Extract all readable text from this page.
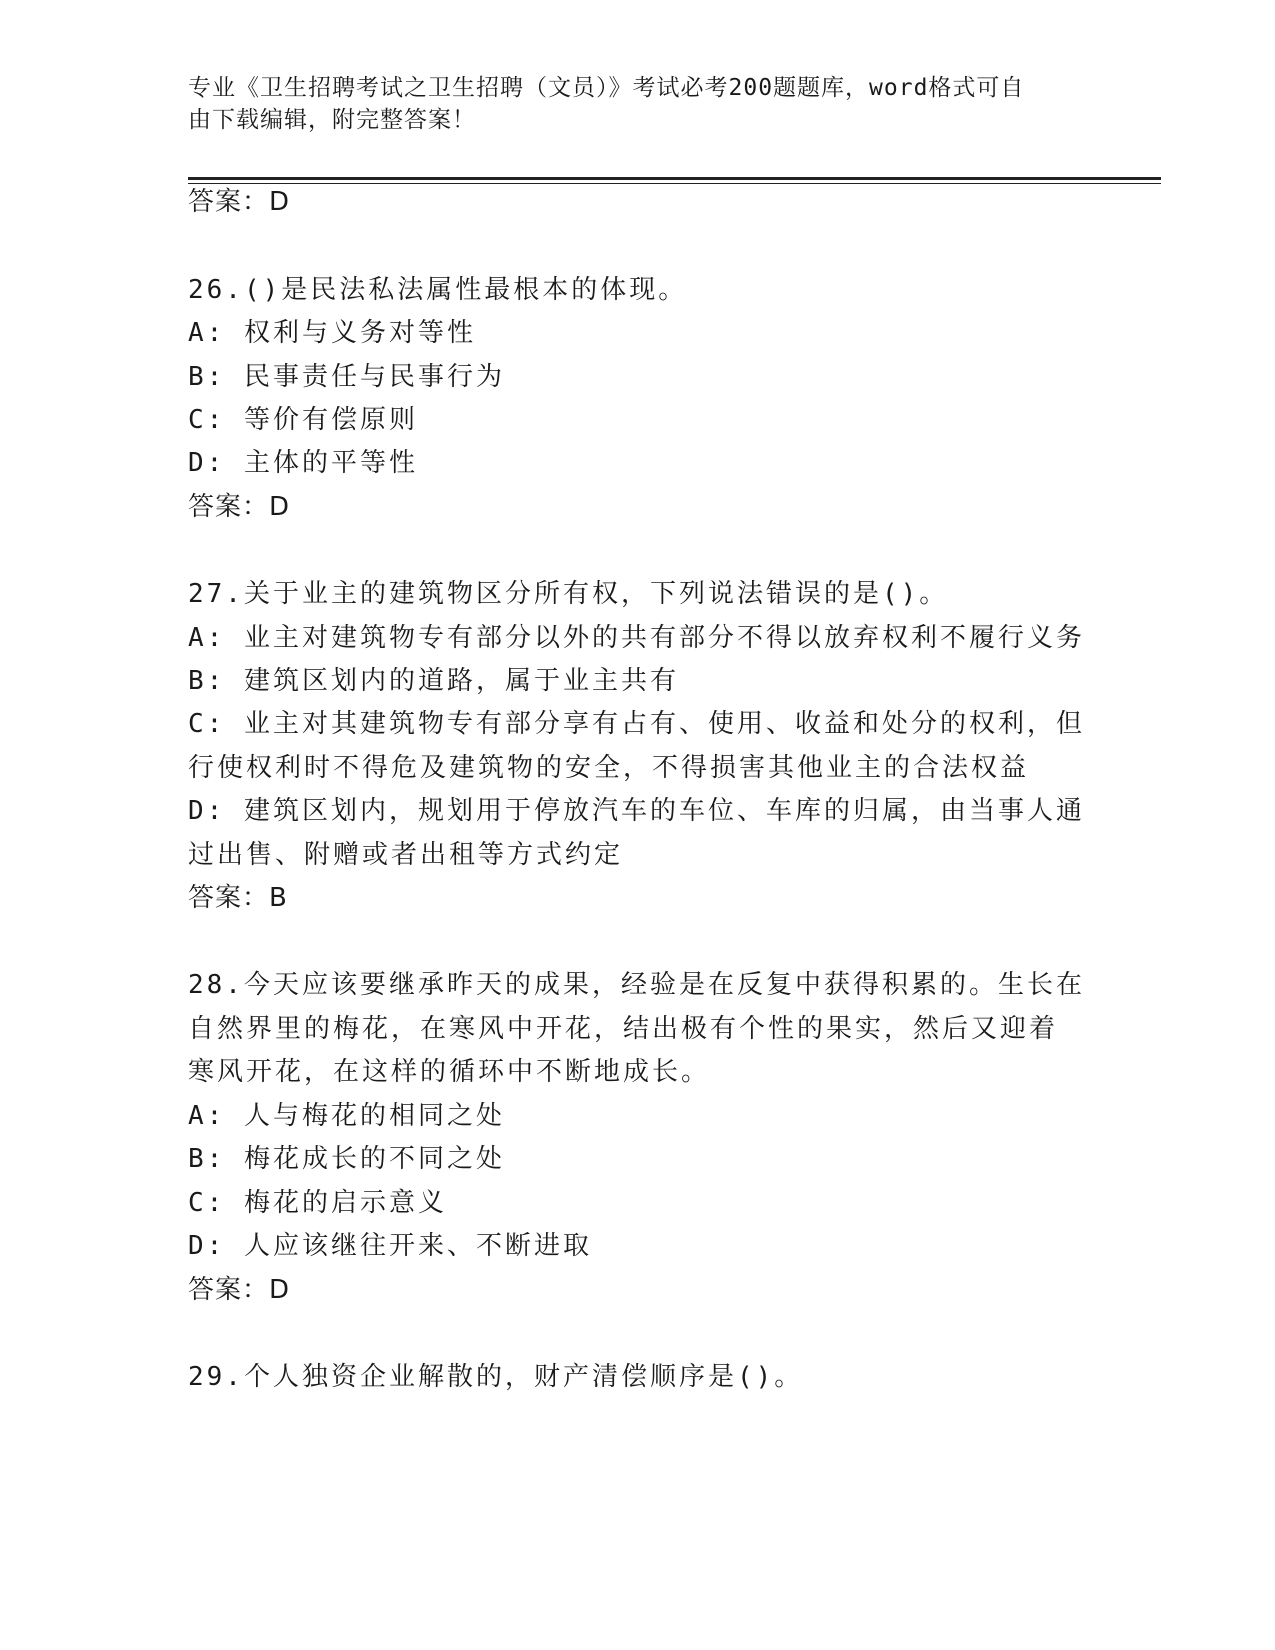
专业《卫生招聘考试之卫生招聘（文员）》考试必考200题题库，word格式可自
由下载编辑，附完整答案！
答案：D
26.()是民法私法属性最根本的体现。
A: 权利与义务对等性
B: 民事责任与民事行为
C: 等价有偿原则
D: 主体的平等性
答案：D
27.关于业主的建筑物区分所有权，下列说法错误的是()。
A: 业主对建筑物专有部分以外的共有部分不得以放弃权利不履行义务
B: 建筑区划内的道路，属于业主共有
C: 业主对其建筑物专有部分享有占有、使用、收益和处分的权利，但
行使权利时不得危及建筑物的安全，不得损害其他业主的合法权益
D: 建筑区划内，规划用于停放汽车的车位、车库的归属，由当事人通
过出售、附赠或者出租等方式约定
答案：B
28.今天应该要继承昨天的成果，经验是在反复中获得积累的。生长在
自然界里的梅花，在寒风中开花，结出极有个性的果实，然后又迎着
寒风开花，在这样的循环中不断地成长。
A: 人与梅花的相同之处
B: 梅花成长的不同之处
C: 梅花的启示意义
D: 人应该继往开来、不断进取
答案：D
29.个人独资企业解散的，财产清偿顺序是()。
